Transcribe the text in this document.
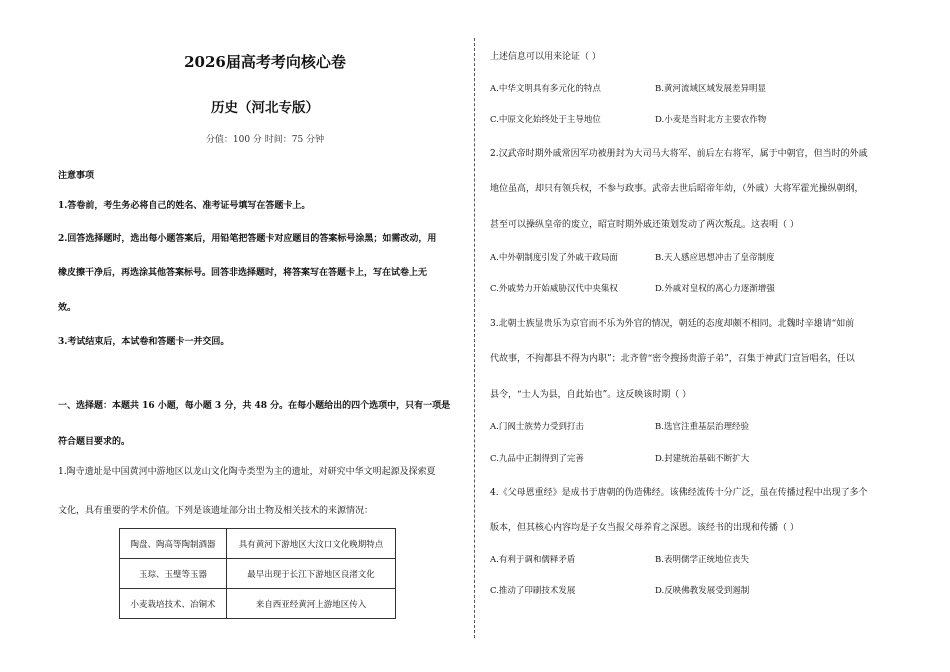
2026届高考考向核心卷
历史（河北专版）
分值：100 分 时间：75 分钟
注意事项
1.答卷前，考生务必将自己的姓名、准考证号填写在答题卡上。
2.回答选择题时，选出每小题答案后，用铅笔把答题卡对应题目的答案标号涂黑；如需改动，用
橡皮擦干净后，再选涂其他答案标号。回答非选择题时，将答案写在答题卡上，写在试卷上无
效。
3.考试结束后，本试卷和答题卡一并交回。
一、选择题：本题共 16 小题，每小题 3 分，共 48 分。在每小题给出的四个选项中，只有一项是
符合题目要求的。
1.陶寺遗址是中国黄河中游地区以龙山文化陶寺类型为主的遗址，对研究中华文明起源及探索夏
文化，具有重要的学术价值。下列是该遗址部分出土物及相关技术的来源情况：
陶盘、陶高等陶制酒器	具有黄河下游地区大汶口文化晚期特点
玉琮、玉璧等玉器	最早出现于长江下游地区良渚文化
小麦栽培技术、冶铜术	来自西亚经黄河上游地区传入
上述信息可以用来论证（ ）
A.中华文明具有多元化的特点	B.黄河流域区域发展差异明显
C.中原文化始终处于主导地位	D.小麦是当时北方主要农作物
2.汉武帝时期外戚常因军功被册封为大司马大将军、前后左右将军，属于中朝官，但当时的外戚
地位虽高，却只有领兵权，不参与政事。武帝去世后昭帝年幼，（外戚）大将军霍光操纵朝纲，
甚至可以操纵皇帝的废立，昭宣时期外戚还策划发动了两次叛乱。这表明（ ）
A.中外朝制度引发了外戚干政局面	B.天人感应思想冲击了皇帝制度
C.外戚势力开始威胁汉代中央集权	D.外戚对皇权的离心力逐渐增强
3.北朝士族显贵乐为京官而不乐为外官的情况，朝廷的态度却颇不相同。北魏时辛雄请“如前
代故事，不拘都县不得为内职”；北齐曾“密令搜扬贵游子弟”，召集于神武门宣旨唱名，任以
县令，“士人为县，自此始也”。这反映该时期（ ）
A.门阀士族势力受到打击	B.选官注重基层治理经验
C.九品中正制得到了完善	D.封建统治基础不断扩大
4.《父母恩重经》是成书于唐朝的伪造佛经。该佛经流传十分广泛，虽在传播过程中出现了多个
版本，但其核心内容均是子女当报父母养育之深恩。该经书的出现和传播（ ）
A.有利于调和儒释矛盾	B.表明儒学正统地位丧失
C.推动了印刷技术发展	D.反映佛教发展受到遏制
